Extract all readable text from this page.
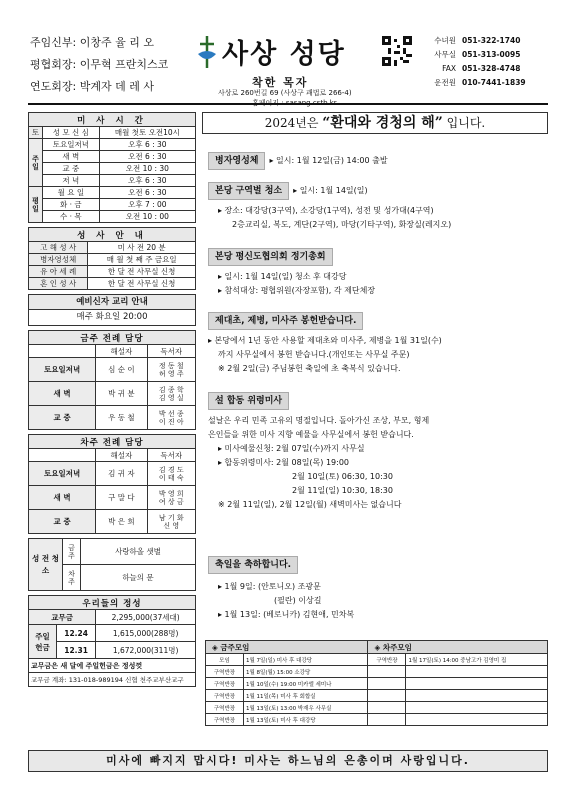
주임신부: 이창주 율 리 오
평협회장: 이무혁 프란치스코
연도회장: 박계자 데 레 사
사상 성당
착한 목자
사상로 260번길 69 (사상구 괘법로 266-4)
수녀원 051-322-1740
사무실 051-313-0095
FAX 051-328-4748
운전원 010-7441-1839
미 사 시 간		
토	성 모 신 심	매월 첫토 오전10시
주일	토요일저녁	오후 6 : 30
	새 벽	오전 6 : 30
	교 중	오전 10 : 30
	저 녁	오후 6 : 30
평일	월 요 일	오전 6 : 30
	화 · 금	오후 7 : 00
	수 · 목	오전 10 : 00
성 사 안 내	
고 해 성 사	미 사 전 20 분
병자영성체	매 월 첫 째 주 금요일
유 아 세 례	한 달 전 사무실 신청
혼 인 성 사	한 달 전 사무실 신청
예비신자 교리 안내
매주 화요일 20:00
금주 전례 담당		
	해설자	독서자
토요일저녁	심 순 이	정 동 철
허 영 주

새 벽	박 귀 분	김 종 학
김 영 실

교 중	우 동 철	박 선 종
이 진 아
차주 전례 담당		
	해설자	독서자
토요일저녁	김 귀 자	김 경 도
이 태 숙

새 벽	구 말 다	박 영 희
여 상 금

교 중	박 은 희	남 기 화
신 영
성 전 청 소	금주	사랑하올 샛별
	차주	하늘의 문
우리들의 정성		
교무금		2,295,000(37세대)
주일 헌금	12.24	1,615,000(288명)
	12.31	1,672,000(311명)
교무금은 새 달에 주일헌금은 정성껏		
교무금 계좌: 131-018-989194 신협 천주교부산교구		
2024년은 “환대와 경청의 해” 입니다.
병자영성체 ▸ 일시: 1월 12일(금) 14:00 출발
본당 구역별 청소 ▸ 일시: 1월 14일(일)
▸ 장소: 대강당(3구역), 소강당(1구역), 성전 및 성가대(4구역)
2층교리실, 복도, 계단(2구역), 마당(기타구역), 화장실(레지오)
본당 평신도협의회 정기총회
▸ 일시: 1월 14일(일) 청소 후 대강당
▸ 참석대상: 평협위원(자장포함), 각 제단체장
제대초, 제병, 미사주 봉헌받습니다.
▸ 본당에서 1년 동안 사용할 제대초와 미사주, 제병을 1월 31일(수)
까지 사무실에서 봉헌 받습니다.(개인또는 사무실 주문)
※ 2월 2일(금) 주님봉헌 축일에 초 축복식 있습니다.
설 합동 위령미사
설날은 우리 민족 고유의 명절입니다. 돌아가신 조상, 부모, 형제
은인들을 위한 미사 지향 예물을 사무실에서 봉헌 받습니다.
▸ 미사예물신청: 2월 07일(수)까지 사무실
▸ 합동위령미사: 2월 08일(목) 19:00
2월 10일(토) 06:30, 10:30
2월 11일(일) 10:30, 18:30
※ 2월 11일(일), 2월 12일(월) 새벽미사는 없습니다
축일을 축하합니다.
▸ 1월 9일: (안토니오) 조광문
(필란) 이상길
▸ 1월 13일: (베로니카) 김현애, 민차복
◈ 금주모임		◈ 차주모임	
모임	1월 7일(일) 미사 후 대강당	구역반장	1월 17일(토) 14:00 중남고가 김영미 집
구역반장	1월 8일(월) 15:00 소강당		
구역반장	1월 10일(수) 19:00 미카엘 세미나		
구역반장	1월 11일(목) 미사 후 회합실		
구역반장	1월 13일(토) 13:00 박재우 사무실		
구역반장	1월 13일(토) 미사 후 대강당		
미사에 빠지지 맙시다! 미사는 하느님의 은총이며 사랑입니다.
